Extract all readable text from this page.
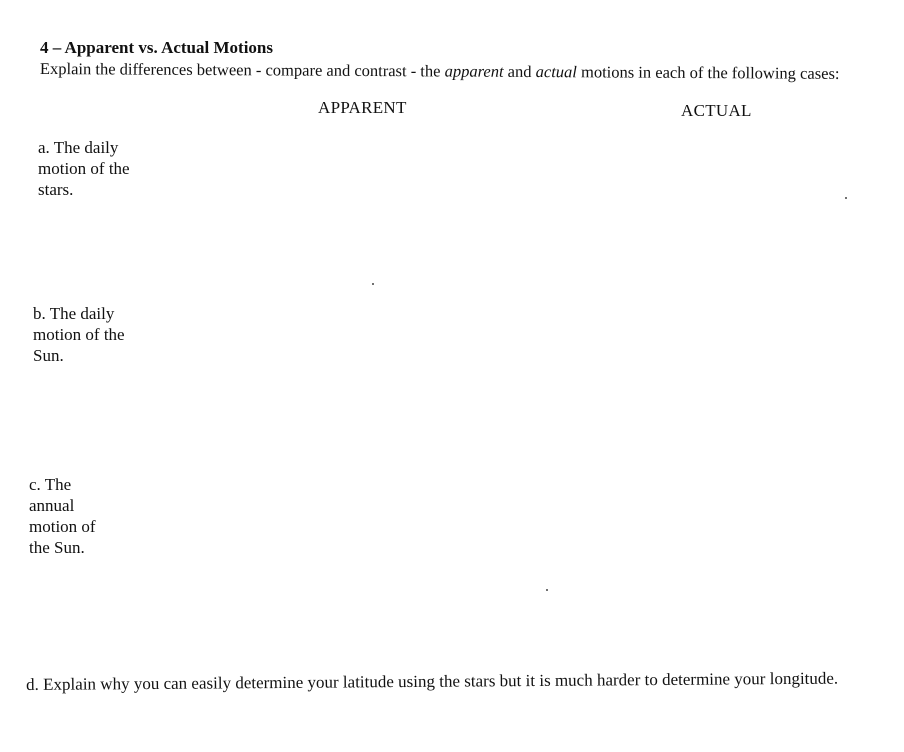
4 – Apparent vs. Actual Motions
Explain the differences between - compare and contrast - the apparent and actual motions in each of the following cases:
APPARENT	ACTUAL
a. The daily motion of the stars.
b. The daily motion of the Sun.
c. The annual motion of the Sun.
d. Explain why you can easily determine your latitude using the stars but it is much harder to determine your longitude.
